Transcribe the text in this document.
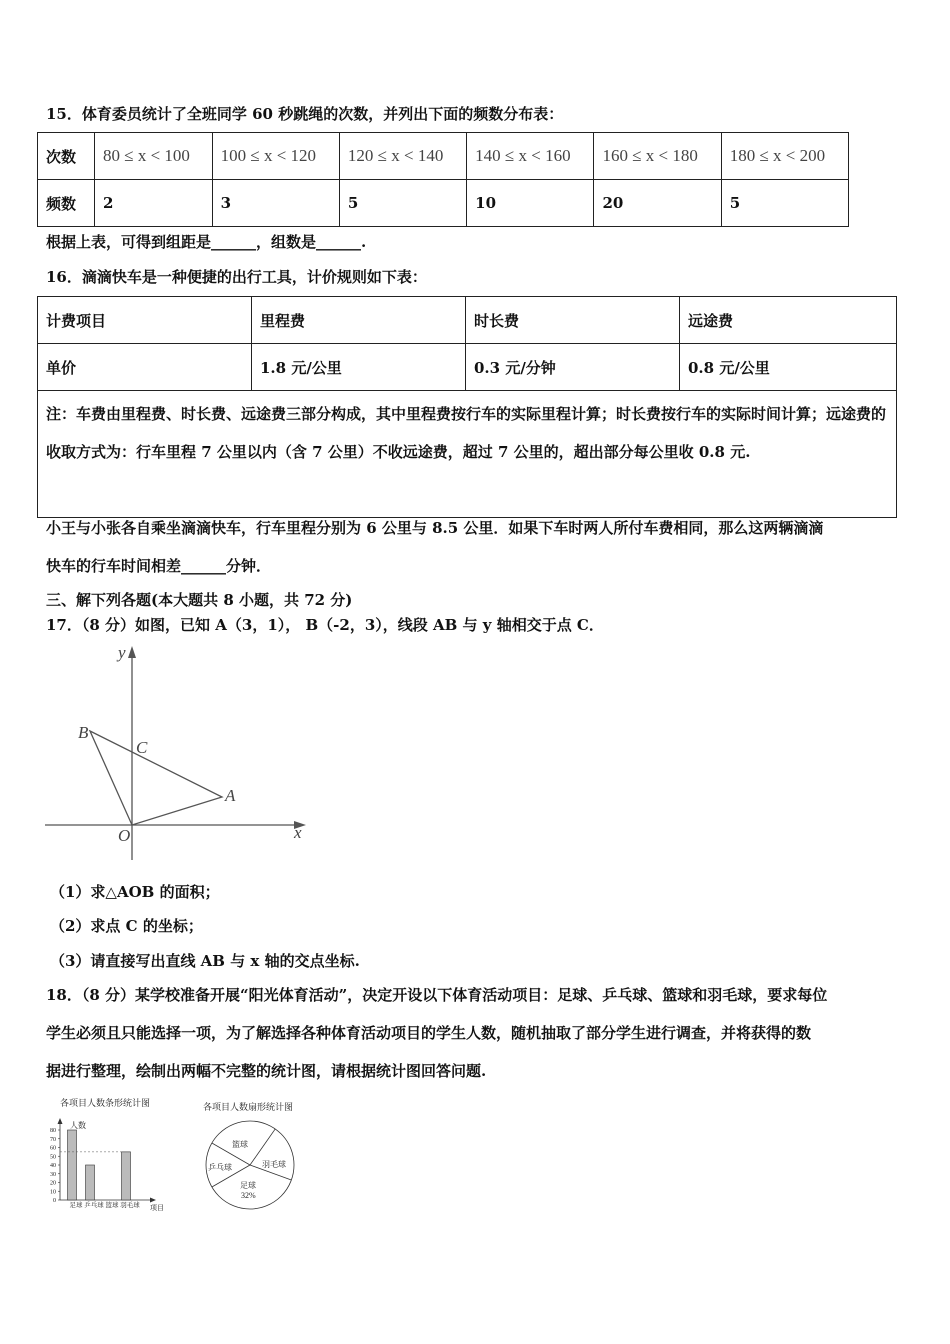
15．体育委员统计了全班同学 60 秒跳绳的次数，并列出下面的频数分布表：
次数	80 ≤ x < 100	100 ≤ x < 120	120 ≤ x < 140	140 ≤ x < 160	160 ≤ x < 180	180 ≤ x < 200
频数	2	3	5	10	20	5
根据上表，可得到组距是______，组数是______.
16．滴滴快车是一种便捷的出行工具，计价规则如下表：
计费项目	里程费	时长费	远途费
单价	1.8 元/公里	0.3 元/分钟	0.8 元/公里
注：车费由里程费、时长费、远途费三部分构成，其中里程费按行车的实际里程计算；时长费按行车的实际时间计算；远途费的收取方式为：行车里程 7 公里以内（含 7 公里）不收远途费，超过 7 公里的，超出部分每公里收 0.8 元.			
小王与小张各自乘坐滴滴快车，行车里程分别为 6 公里与 8.5 公里．如果下车时两人所付车费相同，那么这两辆滴滴
快车的行车时间相差______分钟．
三、解下列各题(本大题共 8 小题，共 72 分)
17．（8 分）如图，已知 A（3，1）， B（-2，3），线段 AB 与 y 轴相交于点 C．
y
x
B
C
A
O
（1）求△AOB 的面积；
（2）求点 C 的坐标；
（3）请直接写出直线 AB 与 x 轴的交点坐标.
18．（8 分）某学校准备开展“阳光体育活动”，决定开设以下体育活动项目：足球、乒乓球、篮球和羽毛球，要求每位
学生必须且只能选择一项，为了解选择各种体育活动项目的学生人数，随机抽取了部分学生进行调查，并将获得的数
据进行整理，绘制出两幅不完整的统计图，请根据统计图回答问题.
各项目人数条形统计图
人数
项目
0
10
20
30
40
50
60
70
80
足球 乒乓球 篮球 羽毛球
各项目人数扇形统计图
篮球
乒乓球	羽毛球
足球
32%
